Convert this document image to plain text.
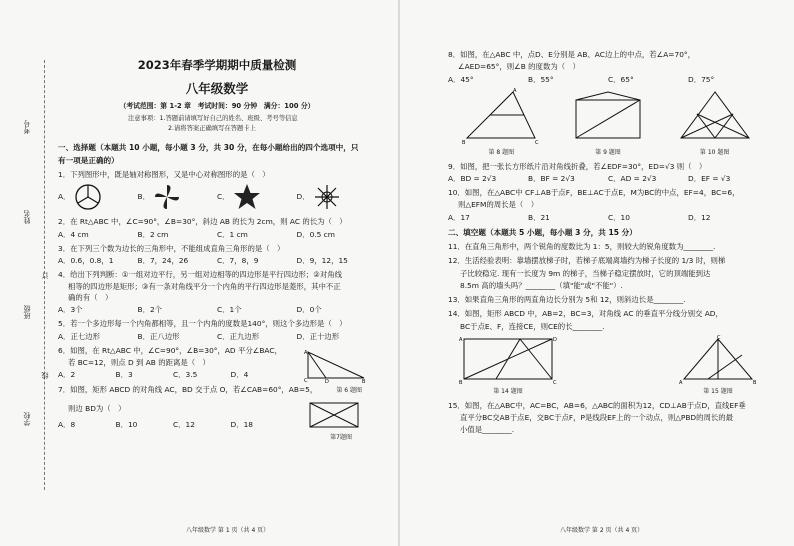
考号
姓名
订
班级
线
学校
2023年春季学期期中质量检测
八年级数学
（考试范围：第 1-2 章　考试时间：90 分钟　满分：100 分）
注意事项：1.答题前请填写好自己的姓名、班级、考号等信息
2.请将答案正确填写在答题卡上
一、选择题（本题共 10 小题，每小题 3 分，共 30 分，在每小题给出的四个选项中，只
有一项是正确的）
1．下列图形中，既是轴对称图形，又是中心对称图形的是（　）
A．	B．	C．	D．
2．在 Rt△ABC 中，∠C=90°，∠B=30°，斜边 AB 的长为 2cm，则 AC 的长为（　）
A．4 cm	B．2 cm	C．1 cm	D．0.5 cm
3．在下列三个数为边长的三角形中，不能组成直角三角形的是（　）
A．0.6，0.8，1	B．7，24，26	C．7，8，9	D．9，12，15
4．给出下列判断：①一组对边平行，另一组对边相等的四边形是平行四边形；②对角线
相等的四边形是矩形；③有一条对角线平分一个内角的平行四边形是菱形，其中不正
确的有（　）
A．3个	B．2个	C．1个	D．0个
5．若一个多边形每一个内角都相等，且一个内角的度数是140°，则这个多边形是（　）
A．正七边形	B．正八边形	C．正九边形	D．正十边形
A
C	D	B
6．如图，在 Rt△ABC 中，∠C=90°，∠B=30°，AD 平分∠BAC，
若 BC=12，则点 D 到 AB 的距离是（　）
A．2	B．3	C．3.5	D．4
第 6 题图
7．如图，矩形 ABCD 的对角线 AC，BD 交于点 O，若∠CAB=60°，AB=5，
则边 BD为（　）
A．8	B．10	C．12	D．18
第7题图
八年级数学 第 1 页（共 4 页）
8．如图，在△ABC 中，点D、E分别是 AB、AC边上的中点，若∠A=70°，
∠AED=65°，则∠B 的度数为（　）
A．45°	B．55°	C．65°	D．75°
A
B	C
第 8 题图	第 9 题图	第 10 题图
9．如图，把一张长方形纸片沿对角线折叠，若∠EDF=30°，ED=√3 则（　）
A．BD = 2√3	B．BF = 2√3	C．AD = 2√3	D．EF = √3
10．如图，在△ABC中 CF⊥AB于点F，BE⊥AC于点E，M为BC的中点，EF=4，BC=6，
则△EFM的周长是（　）
A．17	B．21	C．10	D．12
二、填空题（本题共 5 小题，每小题 3 分，共 15 分）
11．在直角三角形中，两个锐角的度数比为 1：5，则较大的锐角度数为________.
12．生活经验表明：靠墙摆放梯子时，若梯子底端离墙约为梯子长度的 1/3 时，则梯
子比较稳定. 现有一长度为 9m 的梯子，当梯子稳定摆放时，它的顶端能到达
8.5m 高的墙头吗？________（填"能"或"不能"）.
13．如果直角三角形的两直角边长分别为 5和 12，则斜边长是________.
14．如图，矩形 ABCD 中，AB=2，BC=3，对角线 AC 的垂直平分线分别交 AD，
BC于点E、F，连接CE，则CE的长________.
A	D
B	C
第 14 题图
C
A	B
第 15 题图
15．如图，在△ABC中，AC=BC，AB=6，△ABC的面积为12，CD⊥AB于点D，直线EF垂
直平分BC交AB于点E，交BC于点F，P是线段EF上的一个动点，则△PBD的周长的最
小值是________.
八年级数学 第 2 页（共 4 页）
